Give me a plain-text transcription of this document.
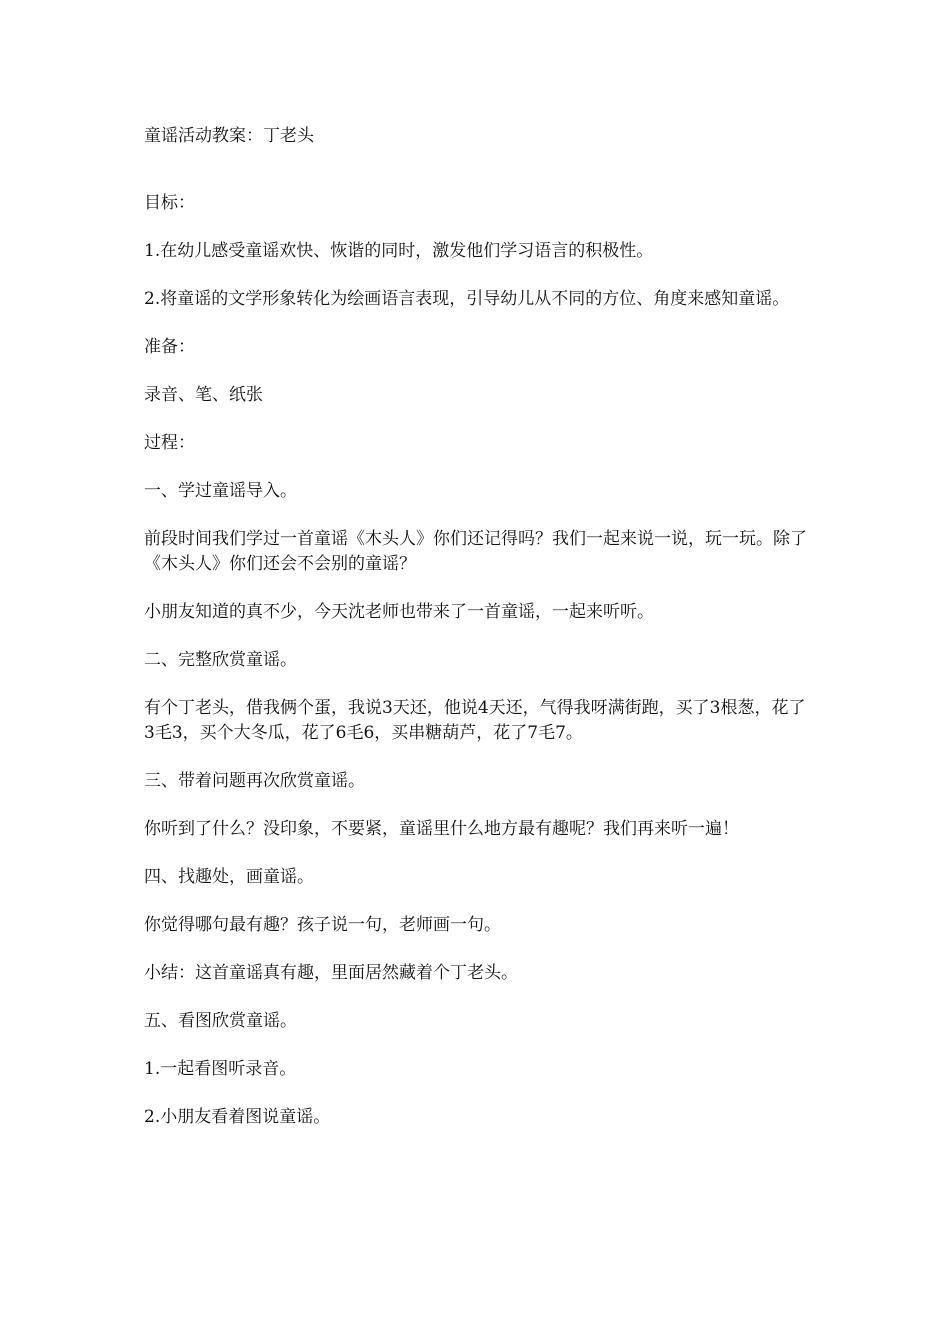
童谣活动教案：丁老头

目标：

1.在幼儿感受童谣欢快、恢谐的同时，激发他们学习语言的积极性。

2.将童谣的文学形象转化为绘画语言表现，引导幼儿从不同的方位、角度来感知童谣。

准备：

录音、笔、纸张

过程：

一、学过童谣导入。

前段时间我们学过一首童谣《木头人》你们还记得吗？我们一起来说一说，玩一玩。除了《木头人》你们还会不会别的童谣？

小朋友知道的真不少，今天沈老师也带来了一首童谣，一起来听听。

二、完整欣赏童谣。

有个丁老头，借我俩个蛋，我说3天还，他说4天还，气得我呀满街跑，买了3根葱，花了3毛3，买个大冬瓜，花了6毛6，买串糖葫芦，花了7毛7。

三、带着问题再次欣赏童谣。

你听到了什么？没印象，不要紧，童谣里什么地方最有趣呢？我们再来听一遍！

四、找趣处，画童谣。

你觉得哪句最有趣？孩子说一句，老师画一句。

小结：这首童谣真有趣，里面居然藏着个丁老头。

五、看图欣赏童谣。

1.一起看图听录音。

2.小朋友看着图说童谣。
